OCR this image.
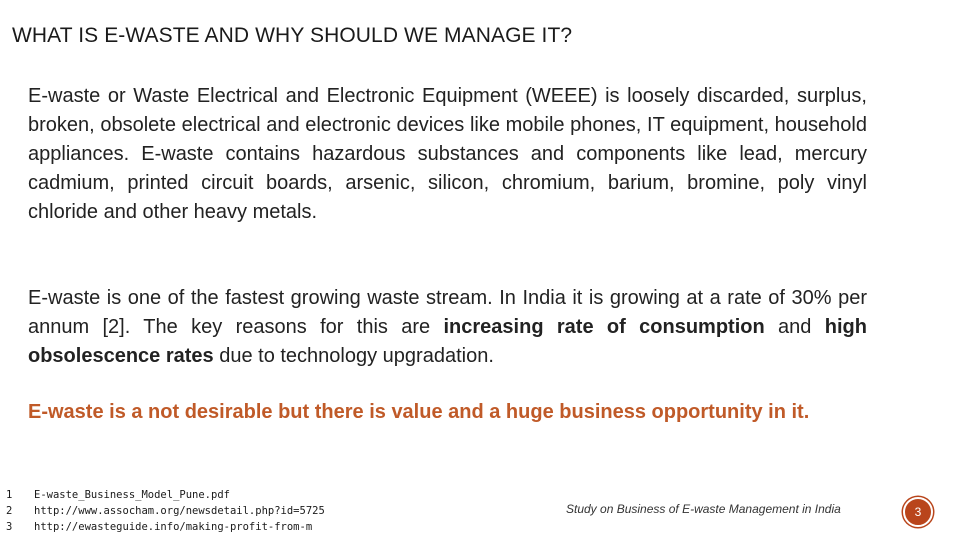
WHAT IS E-WASTE AND WHY SHOULD WE MANAGE IT?
E-waste or Waste Electrical and Electronic Equipment (WEEE) is loosely discarded, surplus, broken, obsolete electrical and electronic devices like mobile phones, IT equipment, household appliances. E-waste contains hazardous substances and components like lead, mercury cadmium, printed circuit boards, arsenic, silicon, chromium, barium, bromine, poly vinyl chloride and other heavy metals.
E-waste is one of the fastest growing waste stream. In India it is growing at a rate of 30% per annum [2]. The key reasons for this are increasing rate of consumption and high obsolescence rates due to technology upgradation.
E-waste is a not desirable but there is value and a huge business opportunity in it.
1 E-waste_Business_Model_Pune.pdf
2 http://www.assocham.org/newsdetail.php?id=5725
3 http://ewasteguide.info/making-profit-from-m
Study on Business of E-waste Management in India	3
